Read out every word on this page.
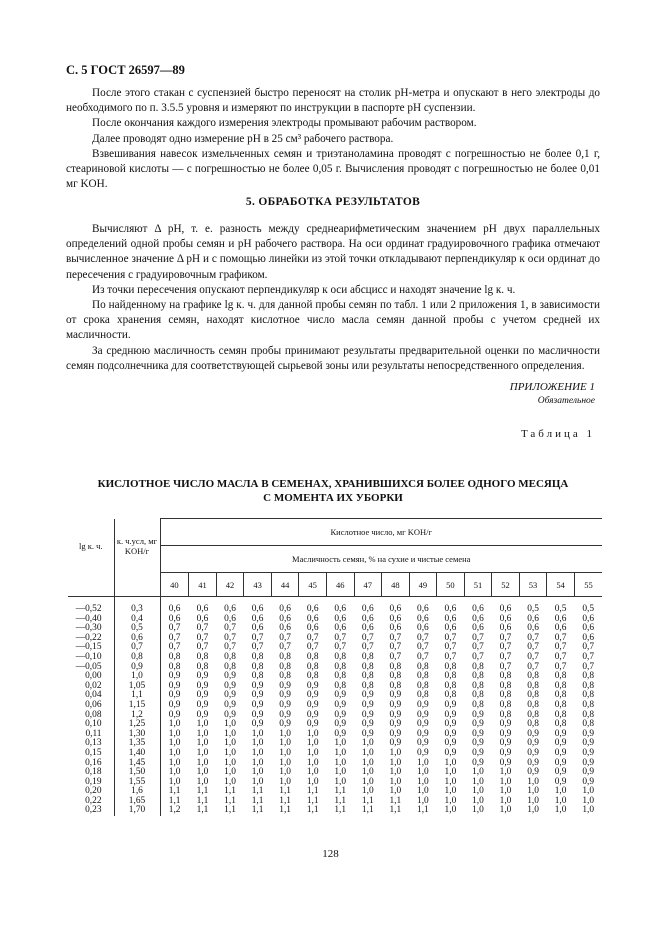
С. 5 ГОСТ 26597—89

После этого стакан с суспензией быстро переносят на столик pH-метра и опускают в него электроды до необходимого по п. 3.5.5 уровня и измеряют по инструкции в паспорте pH суспензии.

После окончания каждого измерения электроды промывают рабочим раствором.

Далее проводят одно измерение pH в 25 см³ рабочего раствора.

Взвешивания навесок измельченных семян и триэтаноламина проводят с погрешностью не более 0,1 г, стеариновой кислоты — с погрешностью не более 0,05 г. Вычисления проводят с погрешностью не более 0,01 мг KOH.

5. ОБРАБОТКА РЕЗУЛЬТАТОВ

Вычисляют Δ pH, т. е. разность между среднеарифметическим значением pH двух параллельных определений одной пробы семян и pH рабочего раствора. На оси ординат градуировочного графика отмечают вычисленное значение Δ pH и с помощью линейки из этой точки откладывают перпендикуляр к оси ординат до пересечения с градуировочным графиком.

Из точки пересечения опускают перпендикуляр к оси абсцисс и находят значение lg к. ч.

По найденному на графике lg к. ч. для данной пробы семян по табл. 1 или 2 приложения 1, в зависимости от срока хранения семян, находят кислотное число масла семян данной пробы с учетом средней их масличности.

За среднюю масличность семян пробы принимают результаты предварительной оценки по масличности семян подсолнечника для соответствующей сырьевой зоны или результаты непосредственного определения.

ПРИЛОЖЕНИЕ 1
Обязательное
Таблица 1
КИСЛОТНОЕ ЧИСЛО МАСЛА В СЕМЕНАХ, ХРАНИВШИХСЯ БОЛЕЕ ОДНОГО МЕСЯЦА
С МОМЕНТА ИХ УБОРКИ
lg к. ч.	к. ч.усл, мг KOH/г	Кислотное число, мг KOH/г															
		Масличность семян, % на сухие и чистые семена															
		40	41	42	43	44	45	46	47	48	49	50	51	52	53	54	55
—0,52	0,3	0,6	0,6	0,6	0,6	0,6	0,6	0,6	0,6	0,6	0,6	0,6	0,6	0,6	0,5	0,5	0,5
—0,40	0,4	0,6	0,6	0,6	0,6	0,6	0,6	0,6	0,6	0,6	0,6	0,6	0,6	0,6	0,6	0,6	0,6
—0,30	0,5	0,7	0,7	0,7	0,6	0,6	0,6	0,6	0,6	0,6	0,6	0,6	0,6	0,6	0,6	0,6	0,6
—0,22	0,6	0,7	0,7	0,7	0,7	0,7	0,7	0,7	0,7	0,7	0,7	0,7	0,7	0,7	0,7	0,7	0,6
—0,15	0,7	0,7	0,7	0,7	0,7	0,7	0,7	0,7	0,7	0,7	0,7	0,7	0,7	0,7	0,7	0,7	0,7
—0,10	0,8	0,8	0,8	0,8	0,8	0,8	0,8	0,8	0,8	0,7	0,7	0,7	0,7	0,7	0,7	0,7	0,7
—0,05	0,9	0,8	0,8	0,8	0,8	0,8	0,8	0,8	0,8	0,8	0,8	0,8	0,8	0,7	0,7	0,7	0,7
0,00	1,0	0,9	0,9	0,9	0,8	0,8	0,8	0,8	0,8	0,8	0,8	0,8	0,8	0,8	0,8	0,8	0,8
0,02	1,05	0,9	0,9	0,9	0,9	0,9	0,9	0,8	0,8	0,8	0,8	0,8	0,8	0,8	0,8	0,8	0,8
0,04	1,1	0,9	0,9	0,9	0,9	0,9	0,9	0,9	0,9	0,9	0,8	0,8	0,8	0,8	0,8	0,8	0,8
0,06	1,15	0,9	0,9	0,9	0,9	0,9	0,9	0,9	0,9	0,9	0,9	0,9	0,8	0,8	0,8	0,8	0,8
0,08	1,2	0,9	0,9	0,9	0,9	0,9	0,9	0,9	0,9	0,9	0,9	0,9	0,9	0,8	0,8	0,8	0,8
0,10	1,25	1,0	1,0	1,0	0,9	0,9	0,9	0,9	0,9	0,9	0,9	0,9	0,9	0,9	0,8	0,8	0,8
0,11	1,30	1,0	1,0	1,0	1,0	1,0	1,0	0,9	0,9	0,9	0,9	0,9	0,9	0,9	0,9	0,9	0,9
0,13	1,35	1,0	1,0	1,0	1,0	1,0	1,0	1,0	1,0	0,9	0,9	0,9	0,9	0,9	0,9	0,9	0,9
0,15	1,40	1,0	1,0	1,0	1,0	1,0	1,0	1,0	1,0	1,0	0,9	0,9	0,9	0,9	0,9	0,9	0,9
0,16	1,45	1,0	1,0	1,0	1,0	1,0	1,0	1,0	1,0	1,0	1,0	1,0	0,9	0,9	0,9	0,9	0,9
0,18	1,50	1,0	1,0	1,0	1,0	1,0	1,0	1,0	1,0	1,0	1,0	1,0	1,0	1,0	0,9	0,9	0,9
0,19	1,55	1,0	1,0	1,0	1,0	1,0	1,0	1,0	1,0	1,0	1,0	1,0	1,0	1,0	1,0	0,9	0,9
0,20	1,6	1,1	1,1	1,1	1,1	1,1	1,1	1,1	1,0	1,0	1,0	1,0	1,0	1,0	1,0	1,0	1,0
0,22	1,65	1,1	1,1	1,1	1,1	1,1	1,1	1,1	1,1	1,1	1,0	1,0	1,0	1,0	1,0	1,0	1,0
0,23	1,70	1,2	1,1	1,1	1,1	1,1	1,1	1,1	1,1	1,1	1,1	1,0	1,0	1,0	1,0	1,0	1,0
128
